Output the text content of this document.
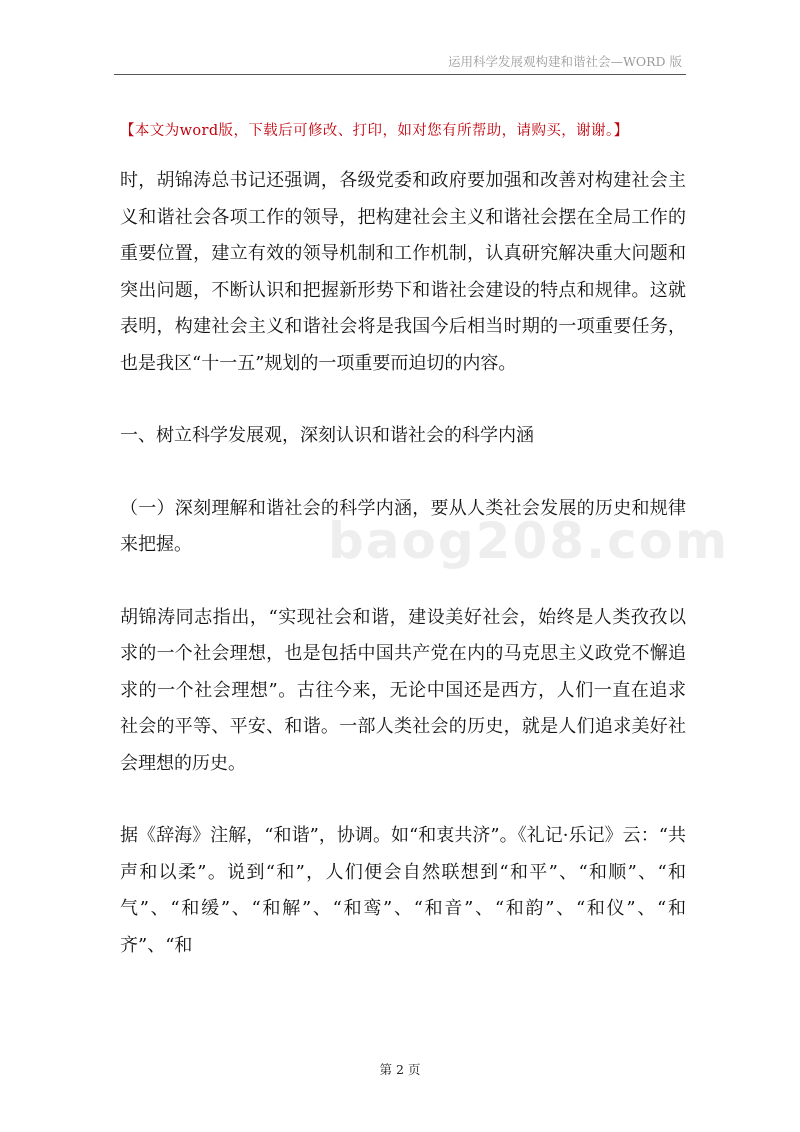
运用科学发展观构建和谐社会—WORD 版
【本文为word版，下载后可修改、打印，如对您有所帮助，请购买，谢谢。】
baog208.com

时，胡锦涛总书记还强调，各级党委和政府要加强和改善对构建社会主义和谐社会各项工作的领导，把构建社会主义和谐社会摆在全局工作的重要位置，建立有效的领导机制和工作机制，认真研究解决重大问题和突出问题，不断认识和把握新形势下和谐社会建设的特点和规律。这就表明，构建社会主义和谐社会将是我国今后相当时期的一项重要任务，也是我区“十一五”规划的一项重要而迫切的内容。

一、树立科学发展观，深刻认识和谐社会的科学内涵

（一）深刻理解和谐社会的科学内涵，要从人类社会发展的历史和规律来把握。

胡锦涛同志指出，“实现社会和谐，建设美好社会，始终是人类孜孜以求的一个社会理想，也是包括中国共产党在内的马克思主义政党不懈追求的一个社会理想”。古往今来，无论中国还是西方，人们一直在追求社会的平等、平安、和谐。一部人类社会的历史，就是人们追求美好社会理想的历史。

据《辞海》注解，“和谐”，协调。如“和衷共济”。《礼记·乐记》云：“共声和以柔”。说到“和”，人们便会自然联想到“和平”、“和顺”、“和气”、“和缓”、“和解”、“和鸾”、“和音”、“和韵”、“和仪”、“和齐”、“和

第 2 页
